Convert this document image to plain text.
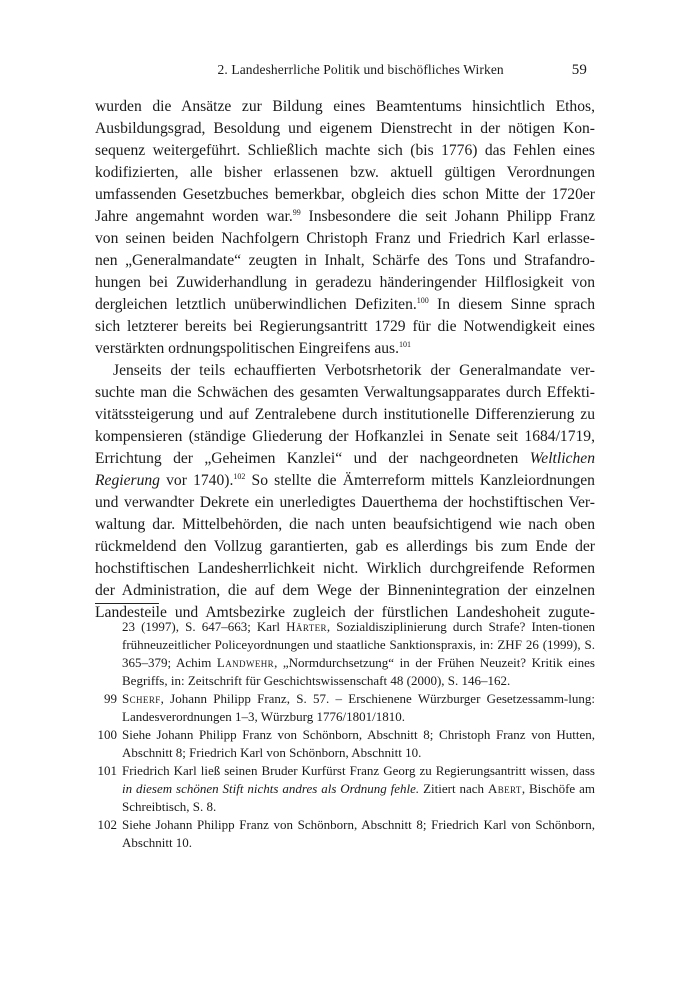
2. Landesherrliche Politik und bischöfliches Wirken	59

wurden die Ansätze zur Bildung eines Beamtentums hinsichtlich Ethos,

Ausbildungsgrad, Besoldung und eigenem Dienstrecht in der nötigen Kon-

sequenz weitergeführt. Schließlich machte sich (bis 1776) das Fehlen eines

kodifizierten, alle bisher erlassenen bzw. aktuell gültigen Verordnungen

umfassenden Gesetzbuches bemerkbar, obgleich dies schon Mitte der 1720er

Jahre angemahnt worden war.$^{99}$ Insbesondere die seit Johann Philipp Franz

von seinen beiden Nachfolgern Christoph Franz und Friedrich Karl erlasse-

nen „Generalmandate“ zeugten in Inhalt, Schärfe des Tons und Strafandro-

hungen bei Zuwiderhandlung in geradezu händeringender Hilflosigkeit von

dergleichen letztlich unüberwindlichen Defiziten.$^{100}$ In diesem Sinne sprach

sich letzterer bereits bei Regierungsantritt 1729 für die Notwendigkeit eines

verstärkten ordnungspolitischen Eingreifens aus.$^{101}$

Jenseits der teils echauffierten Verbotsrhetorik der Generalmandate ver-

suchte man die Schwächen des gesamten Verwaltungsapparates durch Effekti-

vitätssteigerung und auf Zentralebene durch institutionelle Differenzierung zu

kompensieren (ständige Gliederung der Hofkanzlei in Senate seit 1684/1719,

Errichtung der „Geheimen Kanzlei“ und der nachgeordneten Weltlichen

Regierung vor 1740).$^{102}$ So stellte die Ämterreform mittels Kanzleiordnungen

und verwandter Dekrete ein unerledigtes Dauerthema der hochstiftischen Ver-

waltung dar. Mittelbehörden, die nach unten beaufsichtigend wie nach oben

rückmeldend den Vollzug garantierten, gab es allerdings bis zum Ende der

hochstiftischen Landesherrlichkeit nicht. Wirklich durchgreifende Reformen

der Administration, die auf dem Wege der Binnenintegration der einzelnen

Landesteile und Amtsbezirke zugleich der fürstlichen Landeshoheit zugute-

23 (1997), S. 647–663; Karl Härter, Sozialdisziplinierung durch Strafe? Inten-tionen frühneuzeitlicher Policeyordnungen und staatliche Sanktionspraxis, in: ZHF 26 (1999), S. 365–379; Achim Landwehr, „Normdurchsetzung“ in der Frühen Neuzeit? Kritik eines Begriffs, in: Zeitschrift für Geschichtswissenschaft 48 (2000), S. 146–162.

99 Scherf, Johann Philipp Franz, S. 57. – Erschienene Würzburger Gesetzessamm-lung: Landesverordnungen 1–3, Würzburg 1776/1801/1810.

100 Siehe Johann Philipp Franz von Schönborn, Abschnitt 8; Christoph Franz von Hutten, Abschnitt 8; Friedrich Karl von Schönborn, Abschnitt 10.

101 Friedrich Karl ließ seinen Bruder Kurfürst Franz Georg zu Regierungsantritt wissen, dass in diesem schönen Stift nichts andres als Ordnung fehle. Zitiert nach Abert, Bischöfe am Schreibtisch, S. 8.

102 Siehe Johann Philipp Franz von Schönborn, Abschnitt 8; Friedrich Karl von Schönborn, Abschnitt 10.
